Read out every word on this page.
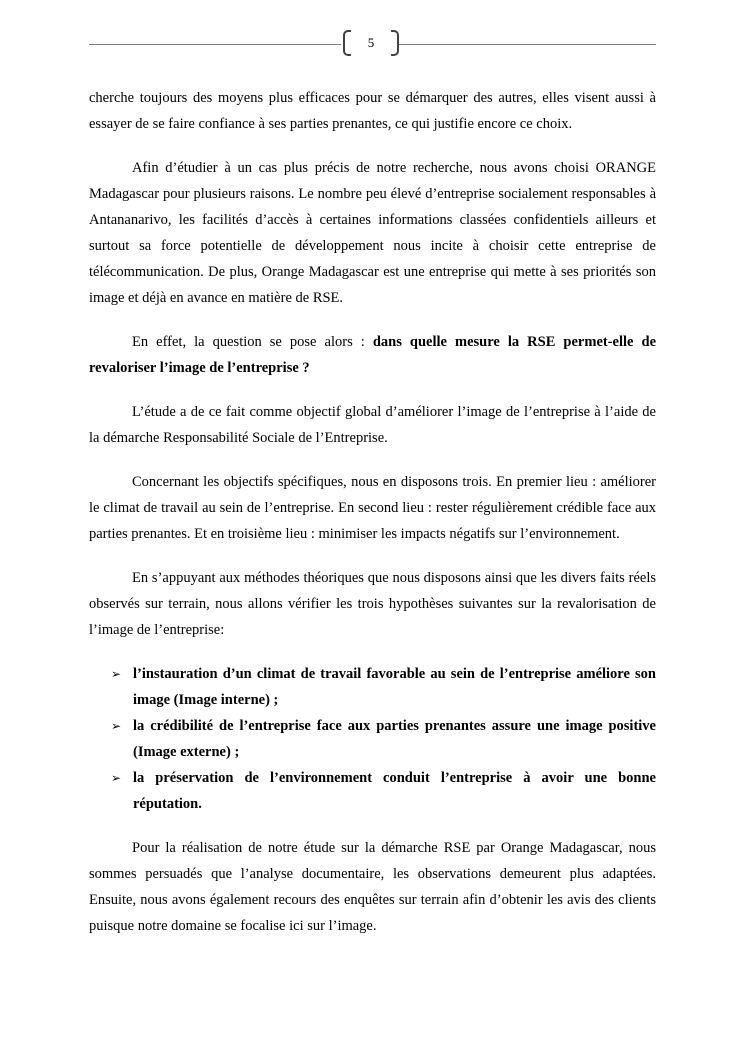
5

cherche toujours des moyens plus efficaces pour se démarquer des autres, elles visent aussi à essayer de se faire confiance à ses parties prenantes, ce qui justifie encore ce choix.

Afin d’étudier à un cas plus précis de notre recherche, nous avons choisi ORANGE Madagascar pour plusieurs raisons. Le nombre peu élevé d’entreprise socialement responsables à Antananarivo, les facilités d’accès à certaines informations classées confidentiels ailleurs et surtout sa force potentielle de développement nous incite à choisir cette entreprise de télécommunication. De plus, Orange Madagascar est une entreprise qui mette à ses priorités son image et déjà en avance en matière de RSE.

En effet, la question se pose alors : dans quelle mesure la RSE permet-elle de revaloriser l’image de l’entreprise ?

L’étude a de ce fait comme objectif global d’améliorer l’image de l’entreprise à l’aide de la démarche Responsabilité Sociale de l’Entreprise.

Concernant les objectifs spécifiques, nous en disposons trois. En premier lieu : améliorer le climat de travail au sein de l’entreprise. En second lieu : rester régulièrement crédible face aux parties prenantes. Et en troisième lieu : minimiser les impacts négatifs sur l’environnement.

En s’appuyant aux méthodes théoriques que nous disposons ainsi que les divers faits réels observés sur terrain, nous allons vérifier les trois hypothèses suivantes sur la revalorisation de l’image de l’entreprise:

➢ l’instauration d’un climat de travail favorable au sein de l’entreprise améliore son image (Image interne) ;
➢ la crédibilité de l’entreprise face aux parties prenantes assure une image positive (Image externe) ;
➢ la préservation de l’environnement conduit l’entreprise à avoir une bonne réputation.

Pour la réalisation de notre étude sur la démarche RSE par Orange Madagascar, nous sommes persuadés que l’analyse documentaire, les observations demeurent plus adaptées. Ensuite, nous avons également recours des enquêtes sur terrain afin d’obtenir les avis des clients puisque notre domaine se focalise ici sur l’image.
